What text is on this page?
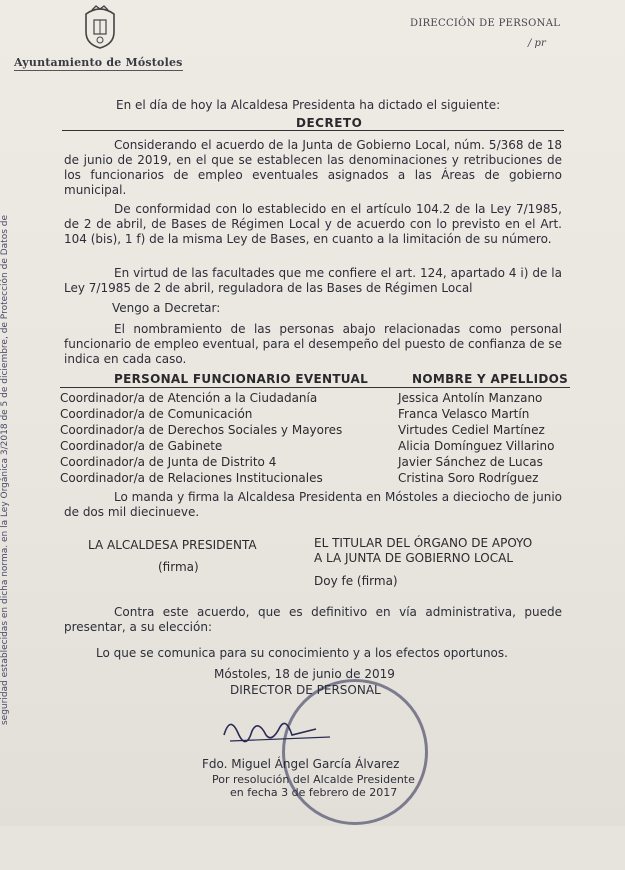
Ayuntamiento de Móstoles
DIRECCIÓN DE PERSONAL
/ pr
seguridad establecidas en dicha norma. en la Ley Orgánica 3/2018 de 5 de diciembre, de Protección de Datos de
En el día de hoy la Alcaldesa Presidenta ha dictado el siguiente:
DECRETO
Considerando el acuerdo de la Junta de Gobierno Local, núm. 5/368 de 18 de junio de 2019, en el que se establecen las denominaciones y retribuciones de los funcionarios de empleo eventuales asignados a las Áreas de gobierno municipal.
De conformidad con lo establecido en el artículo 104.2 de la Ley 7/1985, de 2 de abril, de Bases de Régimen Local y de acuerdo con lo previsto en el Art. 104 (bis), 1 f) de la misma Ley de Bases, en cuanto a la limitación de su número.
En virtud de las facultades que me confiere el art. 124, apartado 4 i) de la Ley 7/1985 de 2 de abril, reguladora de las Bases de Régimen Local
Vengo a Decretar:
El nombramiento de las personas abajo relacionadas como personal funcionario de empleo eventual, para el desempeño del puesto de confianza de se indica en cada caso.
PERSONAL FUNCIONARIO EVENTUAL	NOMBRE Y APELLIDOS
Coordinador/a de Atención a la Ciudadanía	Jessica Antolín Manzano
Coordinador/a de Comunicación	Franca Velasco Martín
Coordinador/a de Derechos Sociales y Mayores	Virtudes Cediel Martínez
Coordinador/a de Gabinete	Alicia Domínguez Villarino
Coordinador/a de Junta de Distrito 4	Javier Sánchez de Lucas
Coordinador/a de Relaciones Institucionales	Cristina Soro Rodríguez
Lo manda y firma la Alcaldesa Presidenta en Móstoles a dieciocho de junio de dos mil diecinueve.
LA ALCALDESA PRESIDENTA
(firma)
EL TITULAR DEL ÓRGANO DE APOYO
A LA JUNTA DE GOBIERNO LOCAL
Doy fe (firma)
Contra este acuerdo, que es definitivo en vía administrativa, puede presentar, a su elección:
Lo que se comunica para su conocimiento y a los efectos oportunos.
Móstoles, 18 de junio de 2019
DIRECTOR DE PERSONAL
Fdo. Miguel Ángel García Álvarez
Por resolución del Alcalde Presidente
en fecha 3 de febrero de 2017
